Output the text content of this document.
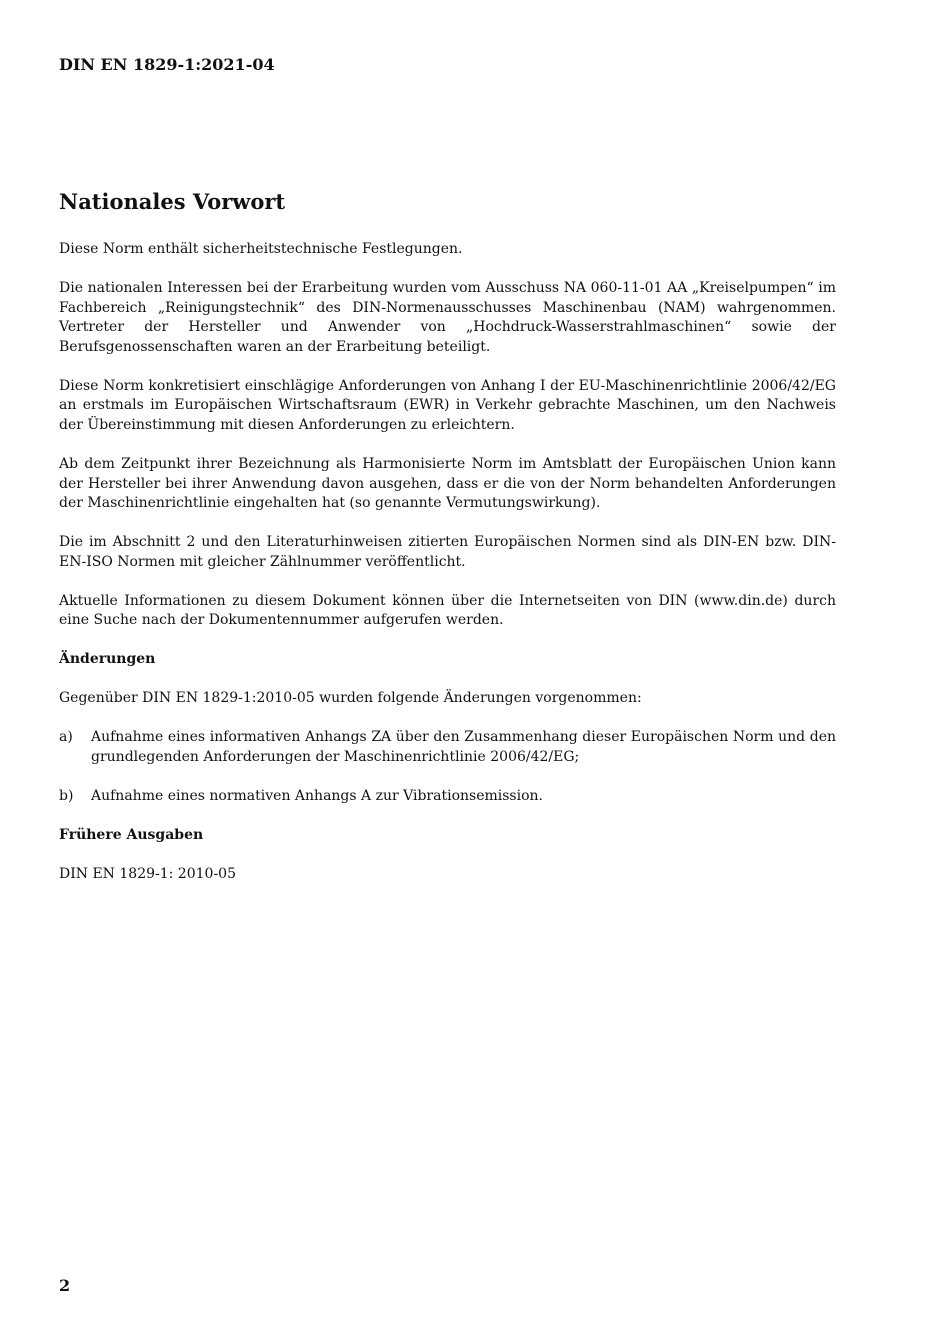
DIN EN 1829-1:2021-04

Nationales Vorwort

Diese Norm enthält sicherheitstechnische Festlegungen.

Die nationalen Interessen bei der Erarbeitung wurden vom Ausschuss NA 060-11-01 AA „Kreiselpumpen“ im Fachbereich „Reinigungstechnik“ des DIN-Normenausschusses Maschinenbau (NAM) wahrgenommen. Vertreter der Hersteller und Anwender von „Hochdruck-Wasserstrahlmaschinen“ sowie der Berufsgenossenschaften waren an der Erarbeitung beteiligt.

Diese Norm konkretisiert einschlägige Anforderungen von Anhang I der EU-Maschinenrichtlinie 2006/42/EG an erstmals im Europäischen Wirtschaftsraum (EWR) in Verkehr gebrachte Maschinen, um den Nachweis der Übereinstimmung mit diesen Anforderungen zu erleichtern.

Ab dem Zeitpunkt ihrer Bezeichnung als Harmonisierte Norm im Amtsblatt der Europäischen Union kann der Hersteller bei ihrer Anwendung davon ausgehen, dass er die von der Norm behandelten Anforderungen der Maschinenrichtlinie eingehalten hat (so genannte Vermutungswirkung).

Die im Abschnitt 2 und den Literaturhinweisen zitierten Europäischen Normen sind als DIN-EN bzw. DIN-EN-ISO Normen mit gleicher Zählnummer veröffentlicht.

Aktuelle Informationen zu diesem Dokument können über die Internetseiten von DIN (www.din.de) durch eine Suche nach der Dokumentennummer aufgerufen werden.

Änderungen

Gegenüber DIN EN 1829-1:2010-05 wurden folgende Änderungen vorgenommen:

a)	Aufnahme eines informativen Anhangs ZA über den Zusammenhang dieser Europäischen Norm und den grundlegenden Anforderungen der Maschinenrichtlinie 2006/42/EG;
b)	Aufnahme eines normativen Anhangs A zur Vibrationsemission.
Frühere Ausgaben

DIN EN 1829-1: 2010-05

2
